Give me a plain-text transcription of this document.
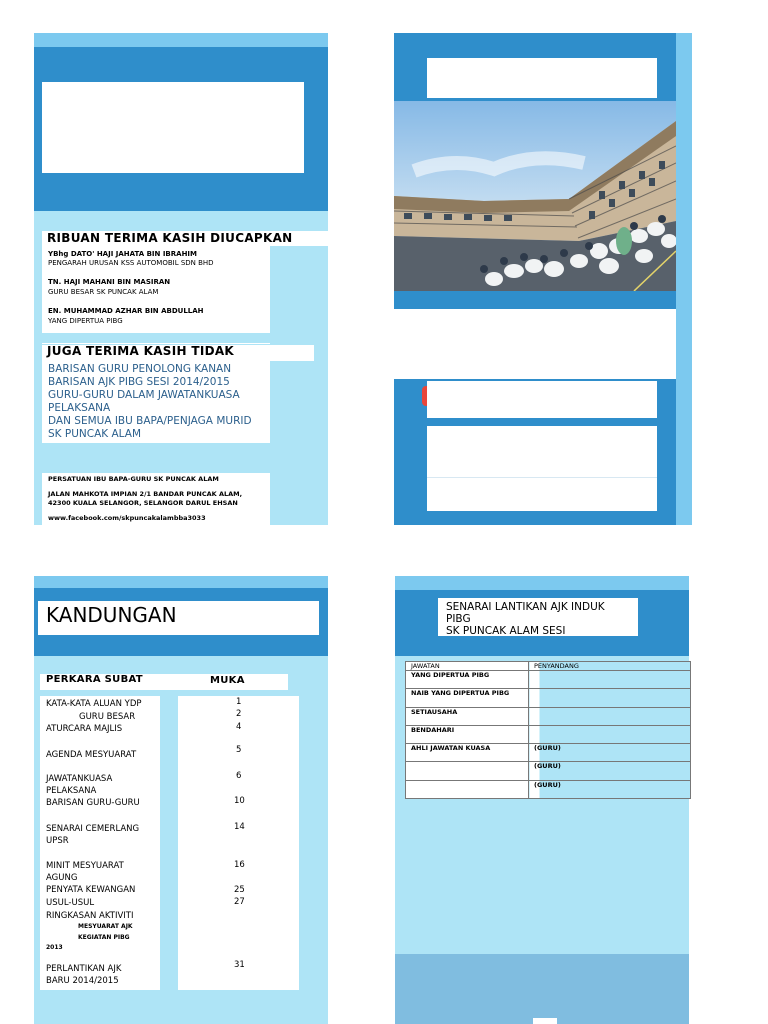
RIBUAN TERIMA KASIH DIUCAPKAN
YBhg DATO' HAJI JAHATA BIN IBRAHIM
PENGARAH URUSAN KSS AUTOMOBIL SDN BHD
TN. HAJI MAHANI BIN MASIRAN
GURU BESAR SK PUNCAK ALAM
EN. MUHAMMAD AZHAR BIN ABDULLAH
YANG DIPERTUA PIBG
JUGA TERIMA KASIH TIDAK
BARISAN GURU PENOLONG KANAN
BARISAN AJK PIBG SESI 2014/2015
GURU-GURU DALAM JAWATANKUASA
PELAKSANA
DAN SEMUA IBU BAPA/PENJAGA MURID
SK PUNCAK ALAM
PERSATUAN IBU BAPA-GURU SK PUNCAK ALAM
JALAN MAHKOTA IMPIAN 2/1 BANDAR PUNCAK ALAM,
42300 KUALA SELANGOR, SELANGOR DARUL EHSAN
www.facebook.com/skpuncakalambba3033
KANDUNGAN
PERKARA SUBAT	MUKA
KATA-KATA ALUAN YDP	1
GURU BESAR	2
ATURCARA MAJLIS	4
AGENDA MESYUARAT	5
JAWATANKUASA	6
PELAKSANA
BARISAN GURU-GURU	10
SENARAI CEMERLANG	14
UPSR
MINIT MESYUARAT	16
AGUNG
PENYATA KEWANGAN	25
USUL-USUL	27
RINGKASAN AKTIVITI
MESYUARAT AJK
KEGIATAN PIBG
2013
PERLANTIKAN AJK	31
BARU 2014/2015
SENARAI LANTIKAN AJK INDUK
PIBG
SK PUNCAK ALAM SESI
JAWATAN	PENYANDANG
YANG DIPERTUA PIBG	
NAIB YANG DIPERTUA PIBG	
SETIAUSAHA	
BENDAHARI	
AHLI JAWATAN KUASA	(GURU)
	(GURU)
	(GURU)
